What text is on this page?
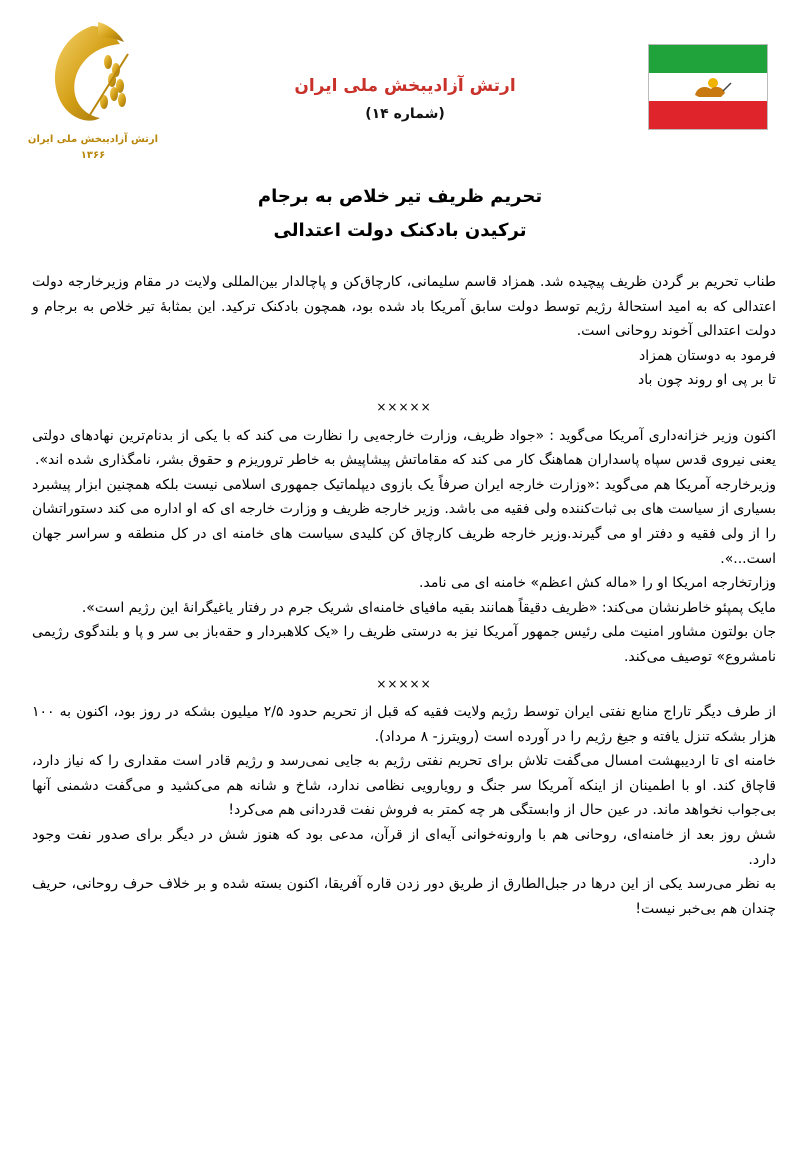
ارتش آزادیبخش ملی ایران
۱۳۶۶
ارتش آزادیبخش ملی ایران
(شماره ۱۴)
تحریم ظریف تیر خلاص به برجام
ترکیدن بادکنک دولت اعتدالی

طناب تحریم بر گردن ظریف پیچیده شد. همزاد قاسم سلیمانی، کارچاق‌کن و پاچالدار بین‌المللی ولایت در مقام وزیرخارجه دولت اعتدالی که به امید استحالهٔ رژیم توسط دولت سابق آمریکا باد شده بود، همچون بادکنک ترکید. این بمثابهٔ تیر خلاص به برجام و دولت اعتدالی آخوند روحانی است.

فرمود به دوستان همزاد

تا بر پی او روند چون باد

×××××

اکنون وزیر خزانه‌داری آمریکا می‌گوید : «جواد ظریف، وزارت خارجه‌یی را نظارت می کند که با یکی از بدنام‌ترین نهادهای دولتی یعنی نیروی قدس سپاه پاسداران هماهنگ کار می کند که مقاماتش پیشاپیش به خاطر تروریزم و حقوق بشر، نامگذاری شده اند».

وزیرخارجه آمریکا هم می‌گوید :«وزارت خارجه ایران صرفاً یک بازوی دیپلماتیک جمهوری اسلامی نیست بلکه همچنین ابزار پیشبرد بسیاری از سیاست های بی ثبات‌کننده ولی فقیه می باشد. وزیر خارجه ظریف و وزارت خارجه ای که او اداره می کند دستوراتشان را از ولی فقیه و دفتر او می گیرند.وزیر خارجه ظریف کارچاق کن کلیدی سیاست های خامنه ای در کل منطقه و سراسر جهان است...».

وزارتخارجه امریکا او را «ماله کش اعظم» خامنه ای می نامد.

مایک پمپئو خاطرنشان می‌کند: «ظریف دقیقاً همانند بقیه مافیای خامنه‌ای شریک جرم در رفتار یاغیگرانهٔ این رژیم است».

جان بولتون مشاور امنیت ملی رئیس جمهور آمریکا نیز به درستی ظریف را «یک کلاهبردار و حقه‌باز بی سر و پا و بلندگوی رژیمی نامشروع» توصیف می‌کند.

×××××

از طرف دیگر تاراج منابع نفتی ایران توسط رژیم ولایت فقیه که قبل از تحریم حدود ۲/۵ میلیون بشکه در روز بود، اکنون به ۱۰۰ هزار بشکه تنزل یافته و جیغ رژیم را در آورده است (رویترز- ۸ مرداد).

خامنه ای تا اردیبهشت امسال می‌گفت تلاش برای تحریم نفتی رژیم به جایی نمی‌رسد و رژیم قادر است مقداری را که نیاز دارد، قاچاق کند. او با اطمینان از اینکه آمریکا سر جنگ و رویارویی نظامی ندارد، شاخ و شانه هم می‌کشید و می‌گفت دشمنی آنها بی‌جواب نخواهد ماند. در عین حال از وابستگی هر چه کمتر به فروش نفت قدردانی هم می‌کرد!

شش روز بعد از خامنه‌ای، روحانی هم با وارونه‌خوانی آیه‌ای از قرآن، مدعی بود که هنوز شش در دیگر برای صدور نفت وجود دارد.

به نظر می‌رسد یکی از این درها در جبل‌الطارق از طریق دور زدن قاره آفریقا، اکنون بسته شده و بر خلاف حرف روحانی، حریف چندان هم بی‌خبر نیست!
